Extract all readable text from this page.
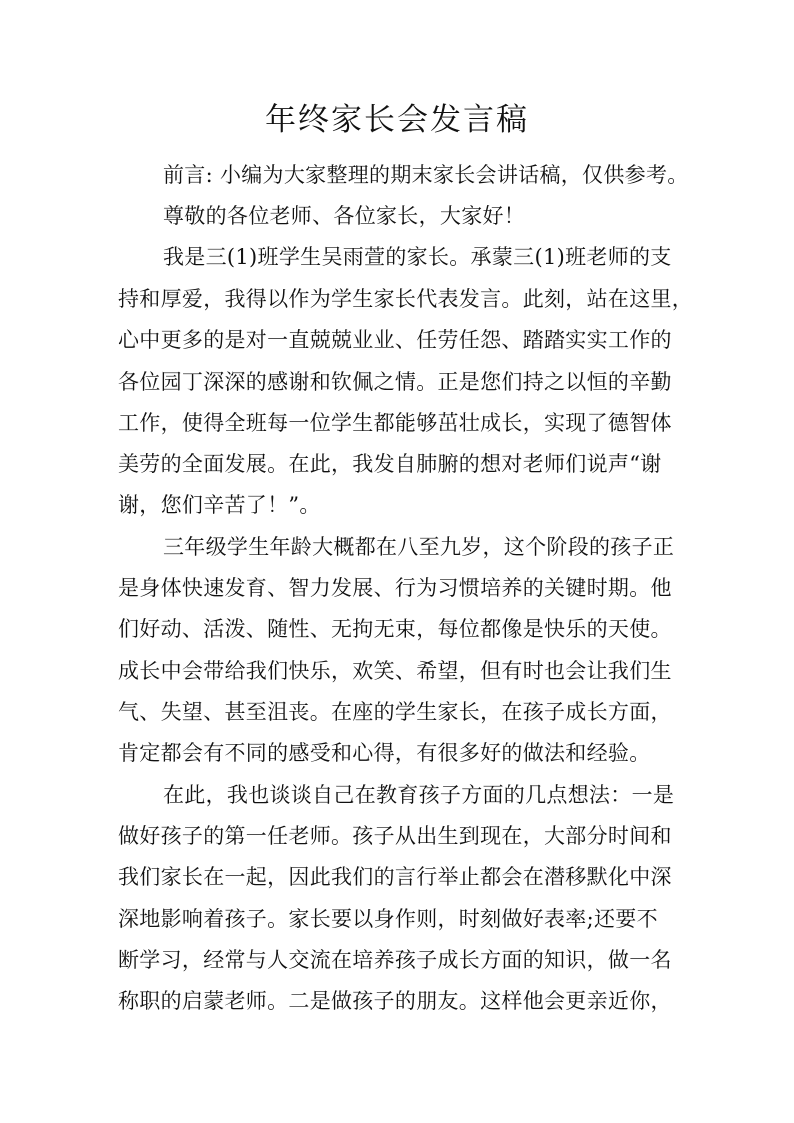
年终家长会发言稿

前言: 小编为大家整理的期末家长会讲话稿，仅供参考。

尊敬的各位老师、各位家长，大家好！

我是三(1)班学生吴雨萱的家长。承蒙三(1)班老师的支

持和厚爱，我得以作为学生家长代表发言。此刻，站在这里，

心中更多的是对一直兢兢业业、任劳任怨、踏踏实实工作的

各位园丁深深的感谢和钦佩之情。正是您们持之以恒的辛勤

工作，使得全班每一位学生都能够茁壮成长，实现了德智体

美劳的全面发展。在此，我发自肺腑的想对老师们说声“谢

谢，您们辛苦了！”。

三年级学生年龄大概都在八至九岁，这个阶段的孩子正

是身体快速发育、智力发展、行为习惯培养的关键时期。他

们好动、活泼、随性、无拘无束，每位都像是快乐的天使。

成长中会带给我们快乐，欢笑、希望，但有时也会让我们生

气、失望、甚至沮丧。在座的学生家长，在孩子成长方面，

肯定都会有不同的感受和心得，有很多好的做法和经验。

在此，我也谈谈自己在教育孩子方面的几点想法：一是

做好孩子的第一任老师。孩子从出生到现在，大部分时间和

我们家长在一起，因此我们的言行举止都会在潜移默化中深

深地影响着孩子。家长要以身作则，时刻做好表率;还要不

断学习，经常与人交流在培养孩子成长方面的知识，做一名

称职的启蒙老师。二是做孩子的朋友。这样他会更亲近你，
